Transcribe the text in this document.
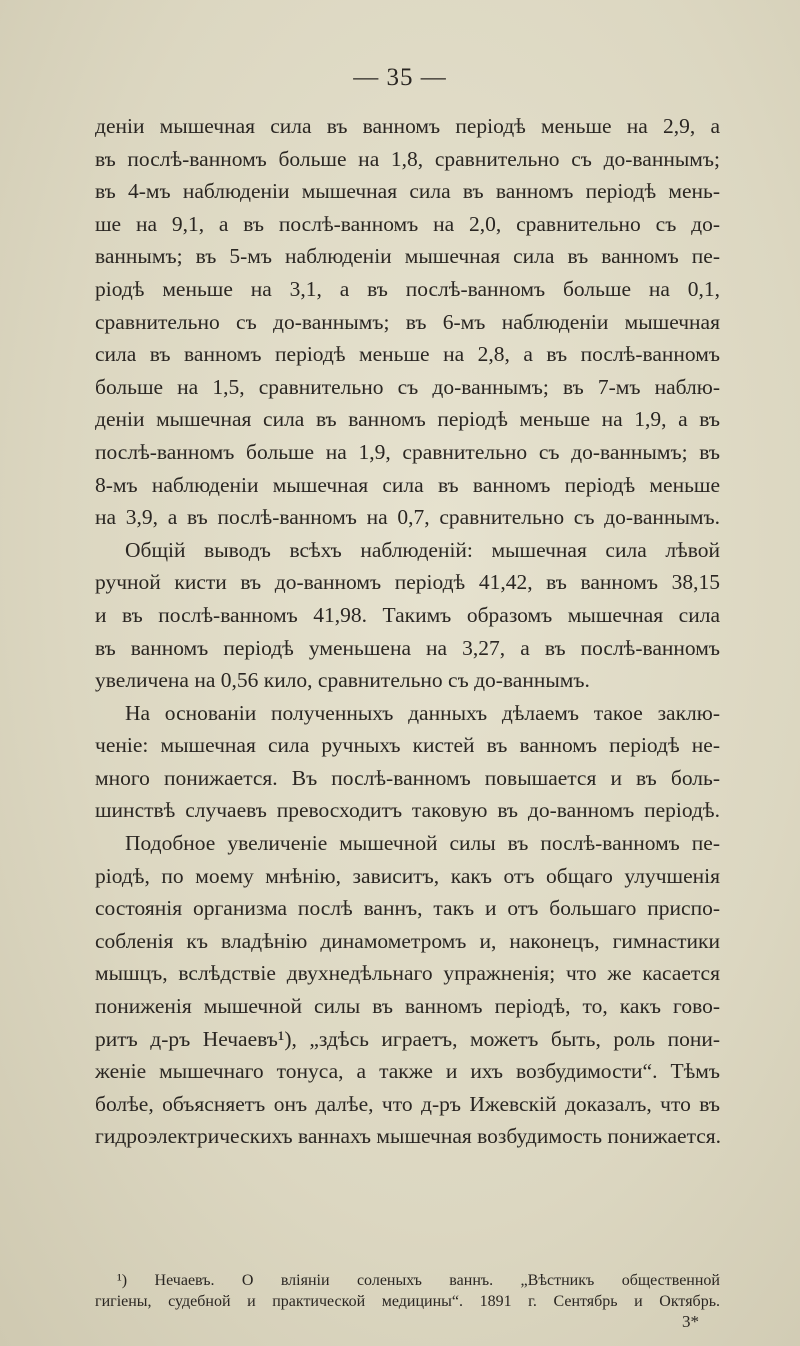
— 35 —
деніи мышечная сила въ ванномъ періодѣ меньше на 2,9, а
въ послѣ-ванномъ больше на 1,8, сравнительно съ до-ваннымъ;
въ 4-мъ наблюденіи мышечная сила въ ванномъ періодѣ мень-
ше на 9,1, а въ послѣ-ванномъ на 2,0, сравнительно съ до-
ваннымъ; въ 5-мъ наблюденіи мышечная сила въ ванномъ пе-
ріодѣ меньше на 3,1, а въ послѣ-ванномъ больше на 0,1,
сравнительно съ до-ваннымъ; въ 6-мъ наблюденіи мышечная
сила въ ванномъ періодѣ меньше на 2,8, а въ послѣ-ванномъ
больше на 1,5, сравнительно съ до-ваннымъ; въ 7-мъ наблю-
деніи мышечная сила въ ванномъ періодѣ меньше на 1,9, а въ
послѣ-ванномъ больше на 1,9, сравнительно съ до-ваннымъ; въ
8-мъ наблюденіи мышечная сила въ ванномъ періодѣ меньше
на 3,9, а въ послѣ-ванномъ на 0,7, сравнительно съ до-ваннымъ.
Общій выводъ всѣхъ наблюденій: мышечная сила лѣвой
ручной кисти въ до-ванномъ періодѣ 41,42, въ ванномъ 38,15
и въ послѣ-ванномъ 41,98. Такимъ образомъ мышечная сила
въ ванномъ періодѣ уменьшена на 3,27, а въ послѣ-ванномъ
увеличена на 0,56 кило, сравнительно съ до-ваннымъ.
На основаніи полученныхъ данныхъ дѣлаемъ такое заклю-
ченіе: мышечная сила ручныхъ кистей въ ванномъ періодѣ не-
много понижается. Въ послѣ-ванномъ повышается и въ боль-
шинствѣ случаевъ превосходитъ таковую въ до-ванномъ періодѣ.
Подобное увеличеніе мышечной силы въ послѣ-ванномъ пе-
ріодѣ, по моему мнѣнію, зависитъ, какъ отъ общаго улучшенія
состоянія организма послѣ ваннъ, такъ и отъ большаго приспо-
собленія къ владѣнію динамометромъ и, наконецъ, гимнастики
мышцъ, вслѣдствіе двухнедѣльнаго упражненія; что же касается
пониженія мышечной силы въ ванномъ періодѣ, то, какъ гово-
ритъ д-ръ Нечаевъ¹), „здѣсь играетъ, можетъ быть, роль пони-
женіе мышечнаго тонуса, а также и ихъ возбудимости“. Тѣмъ
болѣе, объясняетъ онъ далѣе, что д-ръ Ижевскій доказалъ, что въ
гидроэлектрическихъ ваннахъ мышечная возбудимость понижается.
¹) Нечаевъ. О вліяніи соленыхъ ваннъ. „Вѣстникъ общественной
гигіены, судебной и практической медицины“. 1891 г. Сентябрь и Октябрь.
3*
